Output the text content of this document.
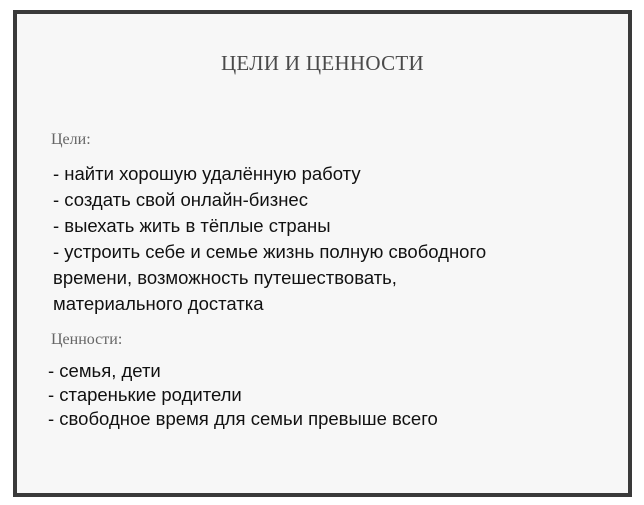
ЦЕЛИ И ЦЕННОСТИ
Цели:
- найти хорошую удалённую работу
- создать свой онлайн-бизнес
- выехать жить в тёплые страны
- устроить себе и семье жизнь полную свободного
времени, возможность путешествовать,
материального достатка
Ценности:
- семья, дети
- старенькие родители
- свободное время для семьи превыше всего
